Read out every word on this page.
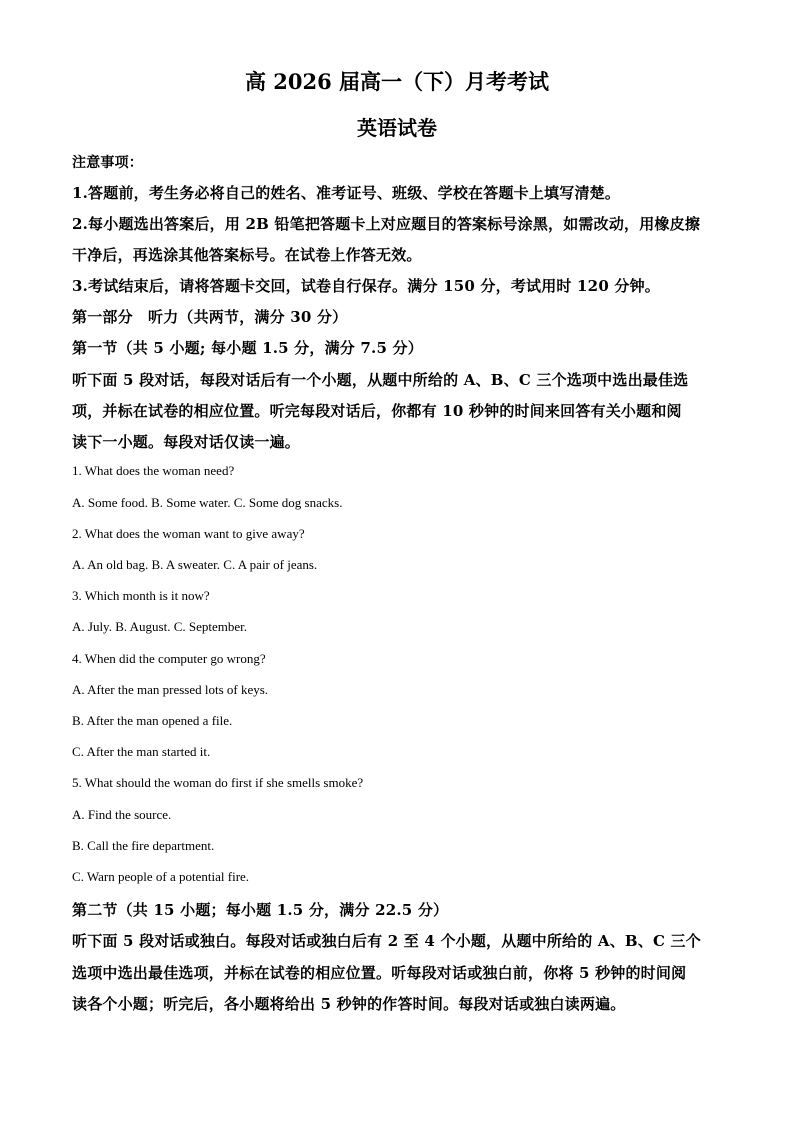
高 2026 届高一（下）月考考试
英语试卷
注意事项：
1.答题前，考生务必将自己的姓名、准考证号、班级、学校在答题卡上填写清楚。
2.每小题选出答案后，用 2B 铅笔把答题卡上对应题目的答案标号涂黑，如需改动，用橡皮擦
干净后，再选涂其他答案标号。在试卷上作答无效。
3.考试结束后，请将答题卡交回，试卷自行保存。满分 150 分，考试用时 120 分钟。
第一部分　听力（共两节，满分 30 分）
第一节（共 5 小题; 每小题 1.5 分，满分 7.5 分）
听下面 5 段对话，每段对话后有一个小题，从题中所给的 A、B、C 三个选项中选出最佳选
项，并标在试卷的相应位置。听完每段对话后，你都有 10 秒钟的时间来回答有关小题和阅
读下一小题。每段对话仅读一遍。
1. What does the woman need?
A. Some food. B. Some water. C. Some dog snacks.
2. What does the woman want to give away?
A. An old bag. B. A sweater. C. A pair of jeans.
3. Which month is it now?
A. July. B. August. C. September.
4. When did the computer go wrong?
A. After the man pressed lots of keys.
B. After the man opened a file.
C. After the man started it.
5. What should the woman do first if she smells smoke?
A. Find the source.
B. Call the fire department.
C. Warn people of a potential fire.
第二节（共 15 小题；每小题 1.5 分，满分 22.5 分）
听下面 5 段对话或独白。每段对话或独白后有 2 至 4 个小题，从题中所给的 A、B、C 三个
选项中选出最佳选项，并标在试卷的相应位置。听每段对话或独白前，你将 5 秒钟的时间阅
读各个小题；听完后，各小题将给出 5 秒钟的作答时间。每段对话或独白读两遍。
